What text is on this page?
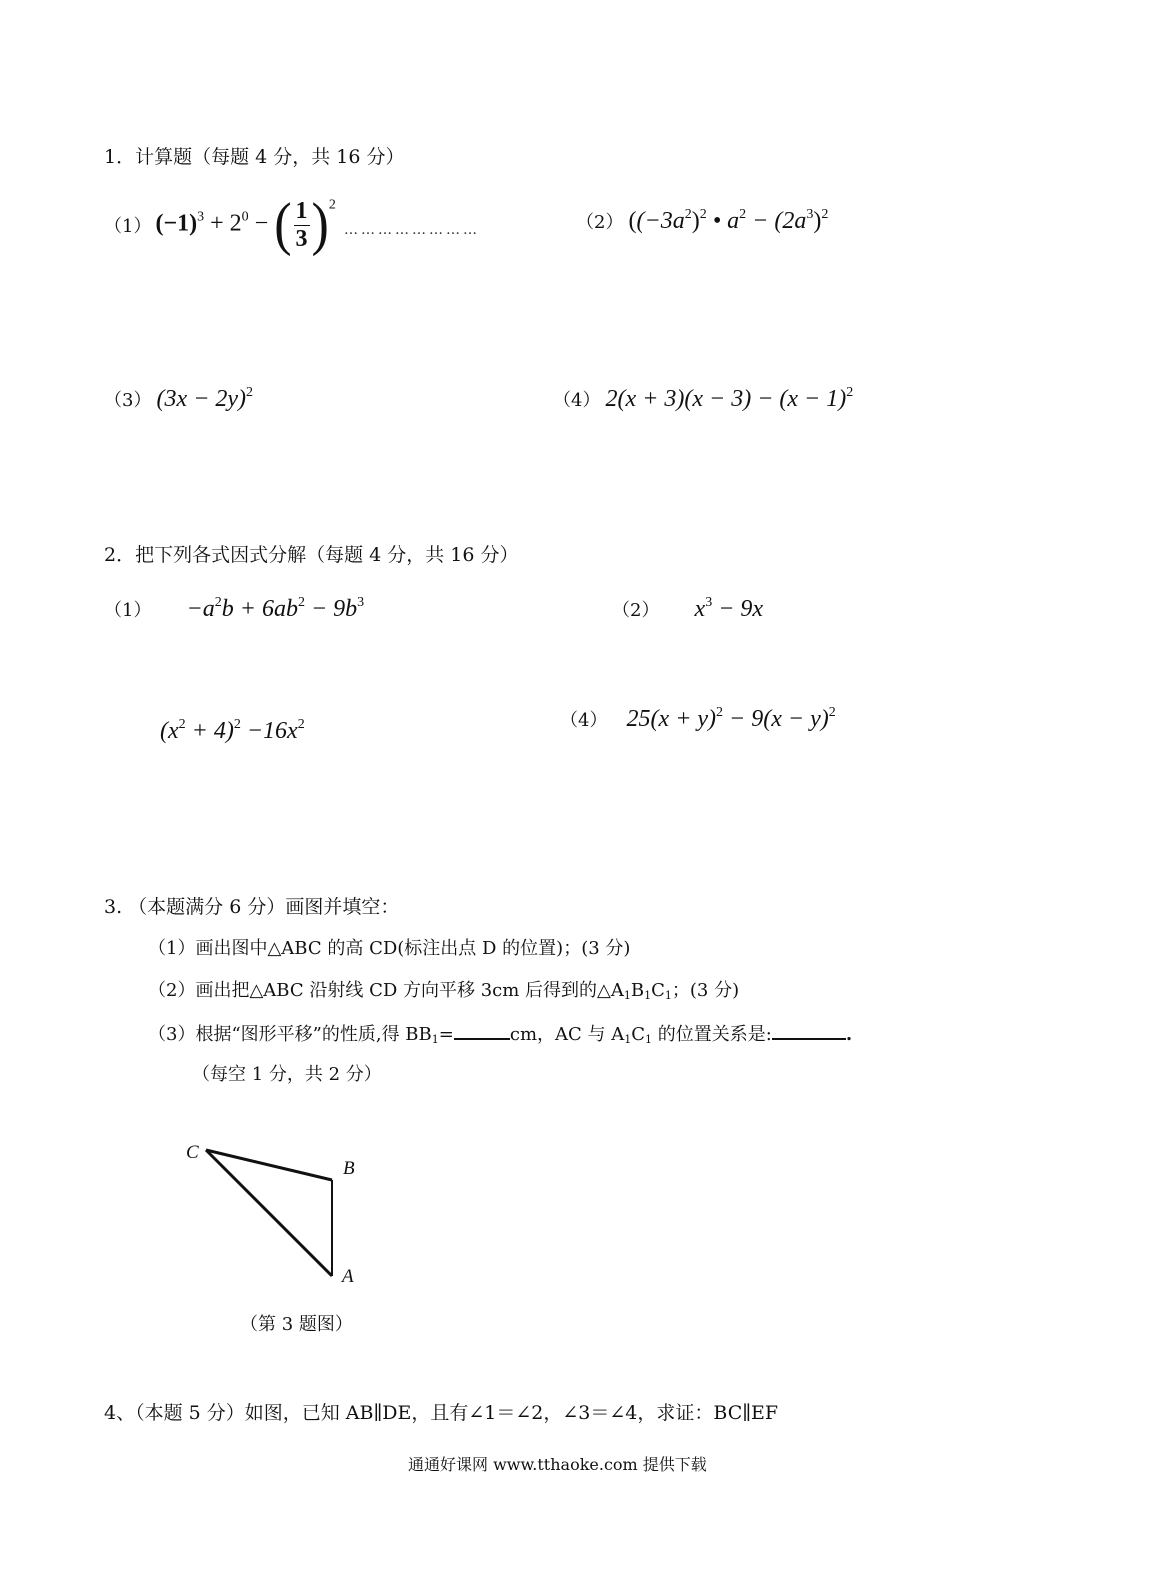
1．计算题（每题 4 分，共 16 分）
（1） $(-1)^3 + 2^0$ − ( $\frac{1}{3} )^2$
……………………	（2） ($(-3a^2)^2$ • $a^2 - (2a^3)^2$
（3） $(3x - 2y)^2$	（4） $2(x + 3)(x - 3) - (x - 1)^2$
2．把下列各式因式分解（每题 4 分，共 16 分）
$(1) -a^2b + 6ab^2 - 9b^3$	（2） $x^3 - 9x$
$(x^2 + 4)^2 -16x^2$	（4） $25(x + y)^2 - 9(x - y)^2$
3. （本题满分 6 分）画图并填空：
（1）画出图中△ABC 的高 CD(标注出点 D 的位置)；(3 分)
（2）画出把△ABC 沿射线 CD 方向平移 3cm 后得到的$\triangle A_1B_1C_1$；(3 分)
（3）根据“图形平移”的性质,得 $BB_1=$	cm，AC 与 $A_1C_1$ 的位置关系是:	.
（每空 1 分，共 2 分）
C
B
A
（第 3 题图）
4、（本题 5 分）如图，已知 AB∥DE，且有∠1＝∠2，∠3＝∠4，求证：BC∥EF
通通好课网 www.tthaoke.com 提供下载
